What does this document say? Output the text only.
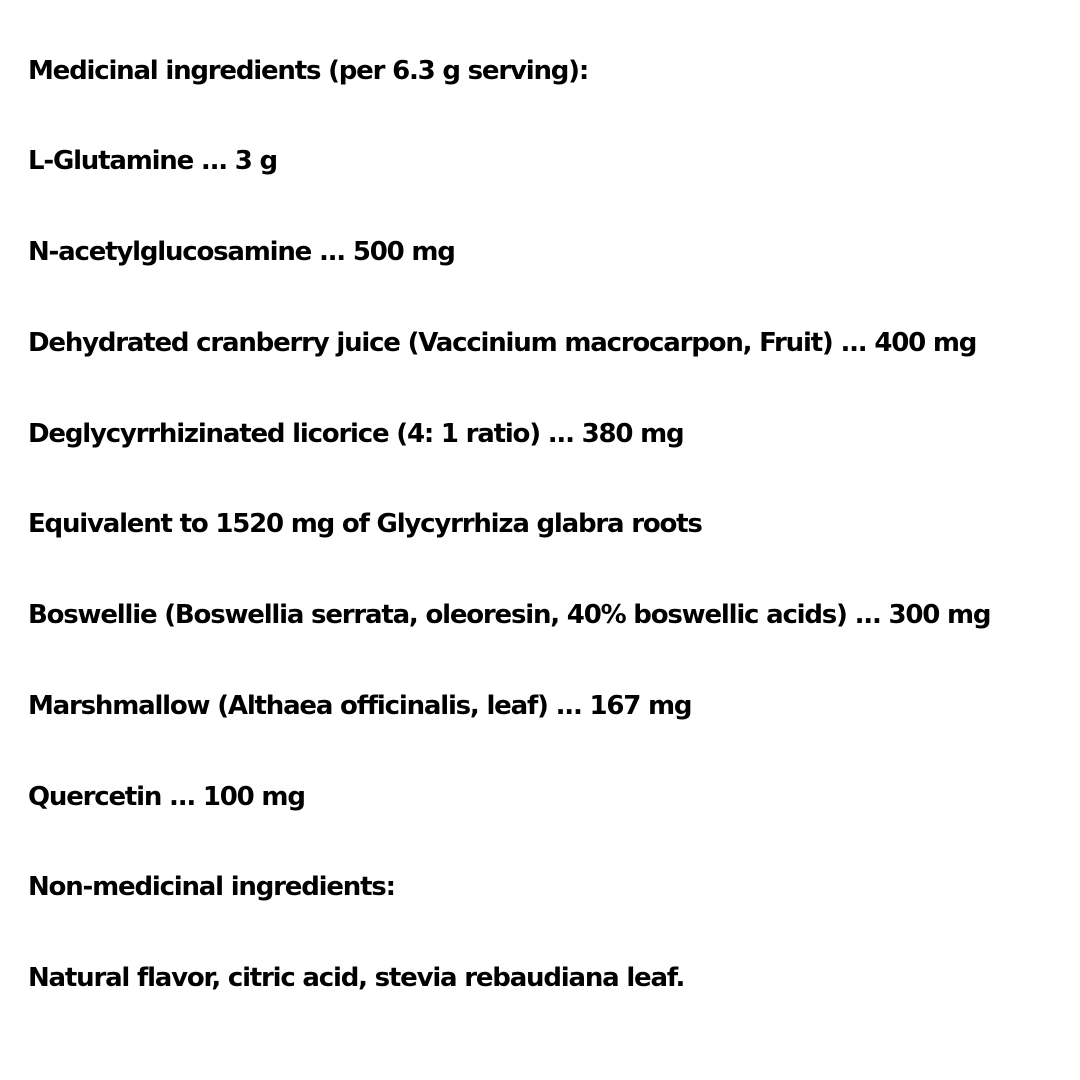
Medicinal ingredients (per 6.3 g serving):

L-Glutamine ... 3 g

N-acetylglucosamine ... 500 mg

Dehydrated cranberry juice (Vaccinium macrocarpon, Fruit) ... 400 mg

Deglycyrrhizinated licorice (4: 1 ratio) ... 380 mg

Equivalent to 1520 mg of Glycyrrhiza glabra roots

Boswellie (Boswellia serrata, oleoresin, 40% boswellic acids) ... 300 mg

Marshmallow (Althaea officinalis, leaf) ... 167 mg

Quercetin ... 100 mg

Non-medicinal ingredients:

Natural flavor, citric acid, stevia rebaudiana leaf.
